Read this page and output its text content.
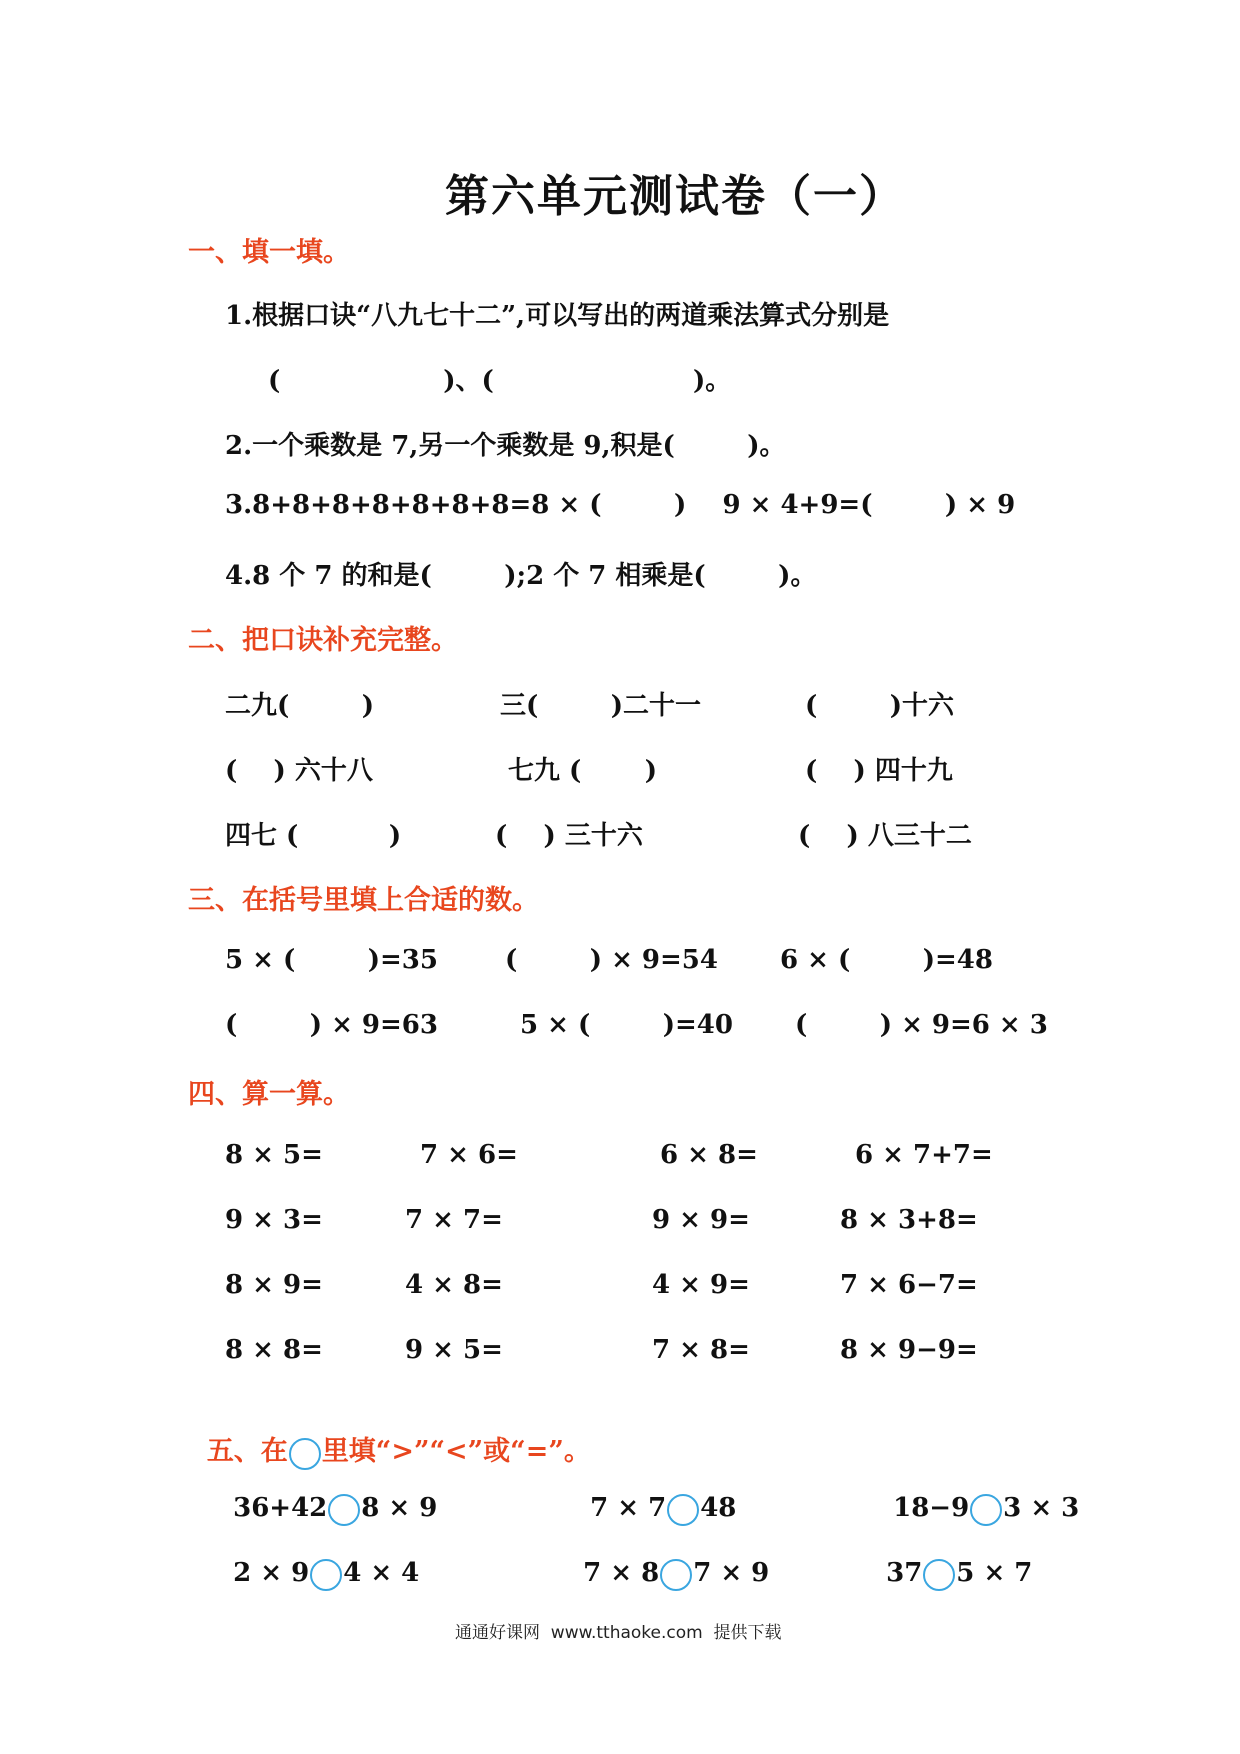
第六单元测试卷（一）
一、填一填。
1.根据口诀“八九七十二”,可以写出的两道乘法算式分别是
(                  )、(                      )。
2.一个乘数是 7,另一个乘数是 9,积是(        )。
3.8+8+8+8+8+8+8=8 × (        )    9 × 4+9=(        ) × 9
4.8 个 7 的和是(        );2 个 7 相乘是(        )。
二、把口诀补充完整。
二九(        )	三(        )二十一	(        )十六
(    ) 六十八	七九 (       )	(    ) 四十九
四七 (          )	(    ) 三十六	(    ) 八三十二
三、在括号里填上合适的数。
5 × (        )=35	(        ) × 9=54 6 × (        )=48
(        ) × 9=63	5 × (        )=40 (        ) × 9=6 × 3
四、算一算。
8 × 5=	7 × 6=	6 × 8=	6 × 7+7=
9 × 3=	7 × 7=	9 × 9=	8 × 3+8=
8 × 9=	4 × 8=	4 × 9=	7 × 6−7=
8 × 8=	9 × 5=	7 × 8=	8 × 9−9=

五、在 里填“>”“<”或“=”。

36+42 8 × 9	7 × 7 48	18−9 3 × 3

2 × 9 4 × 4	7 × 8 7 × 9	37 5 × 7

通通好课网  www.tthaoke.com  提供下载
